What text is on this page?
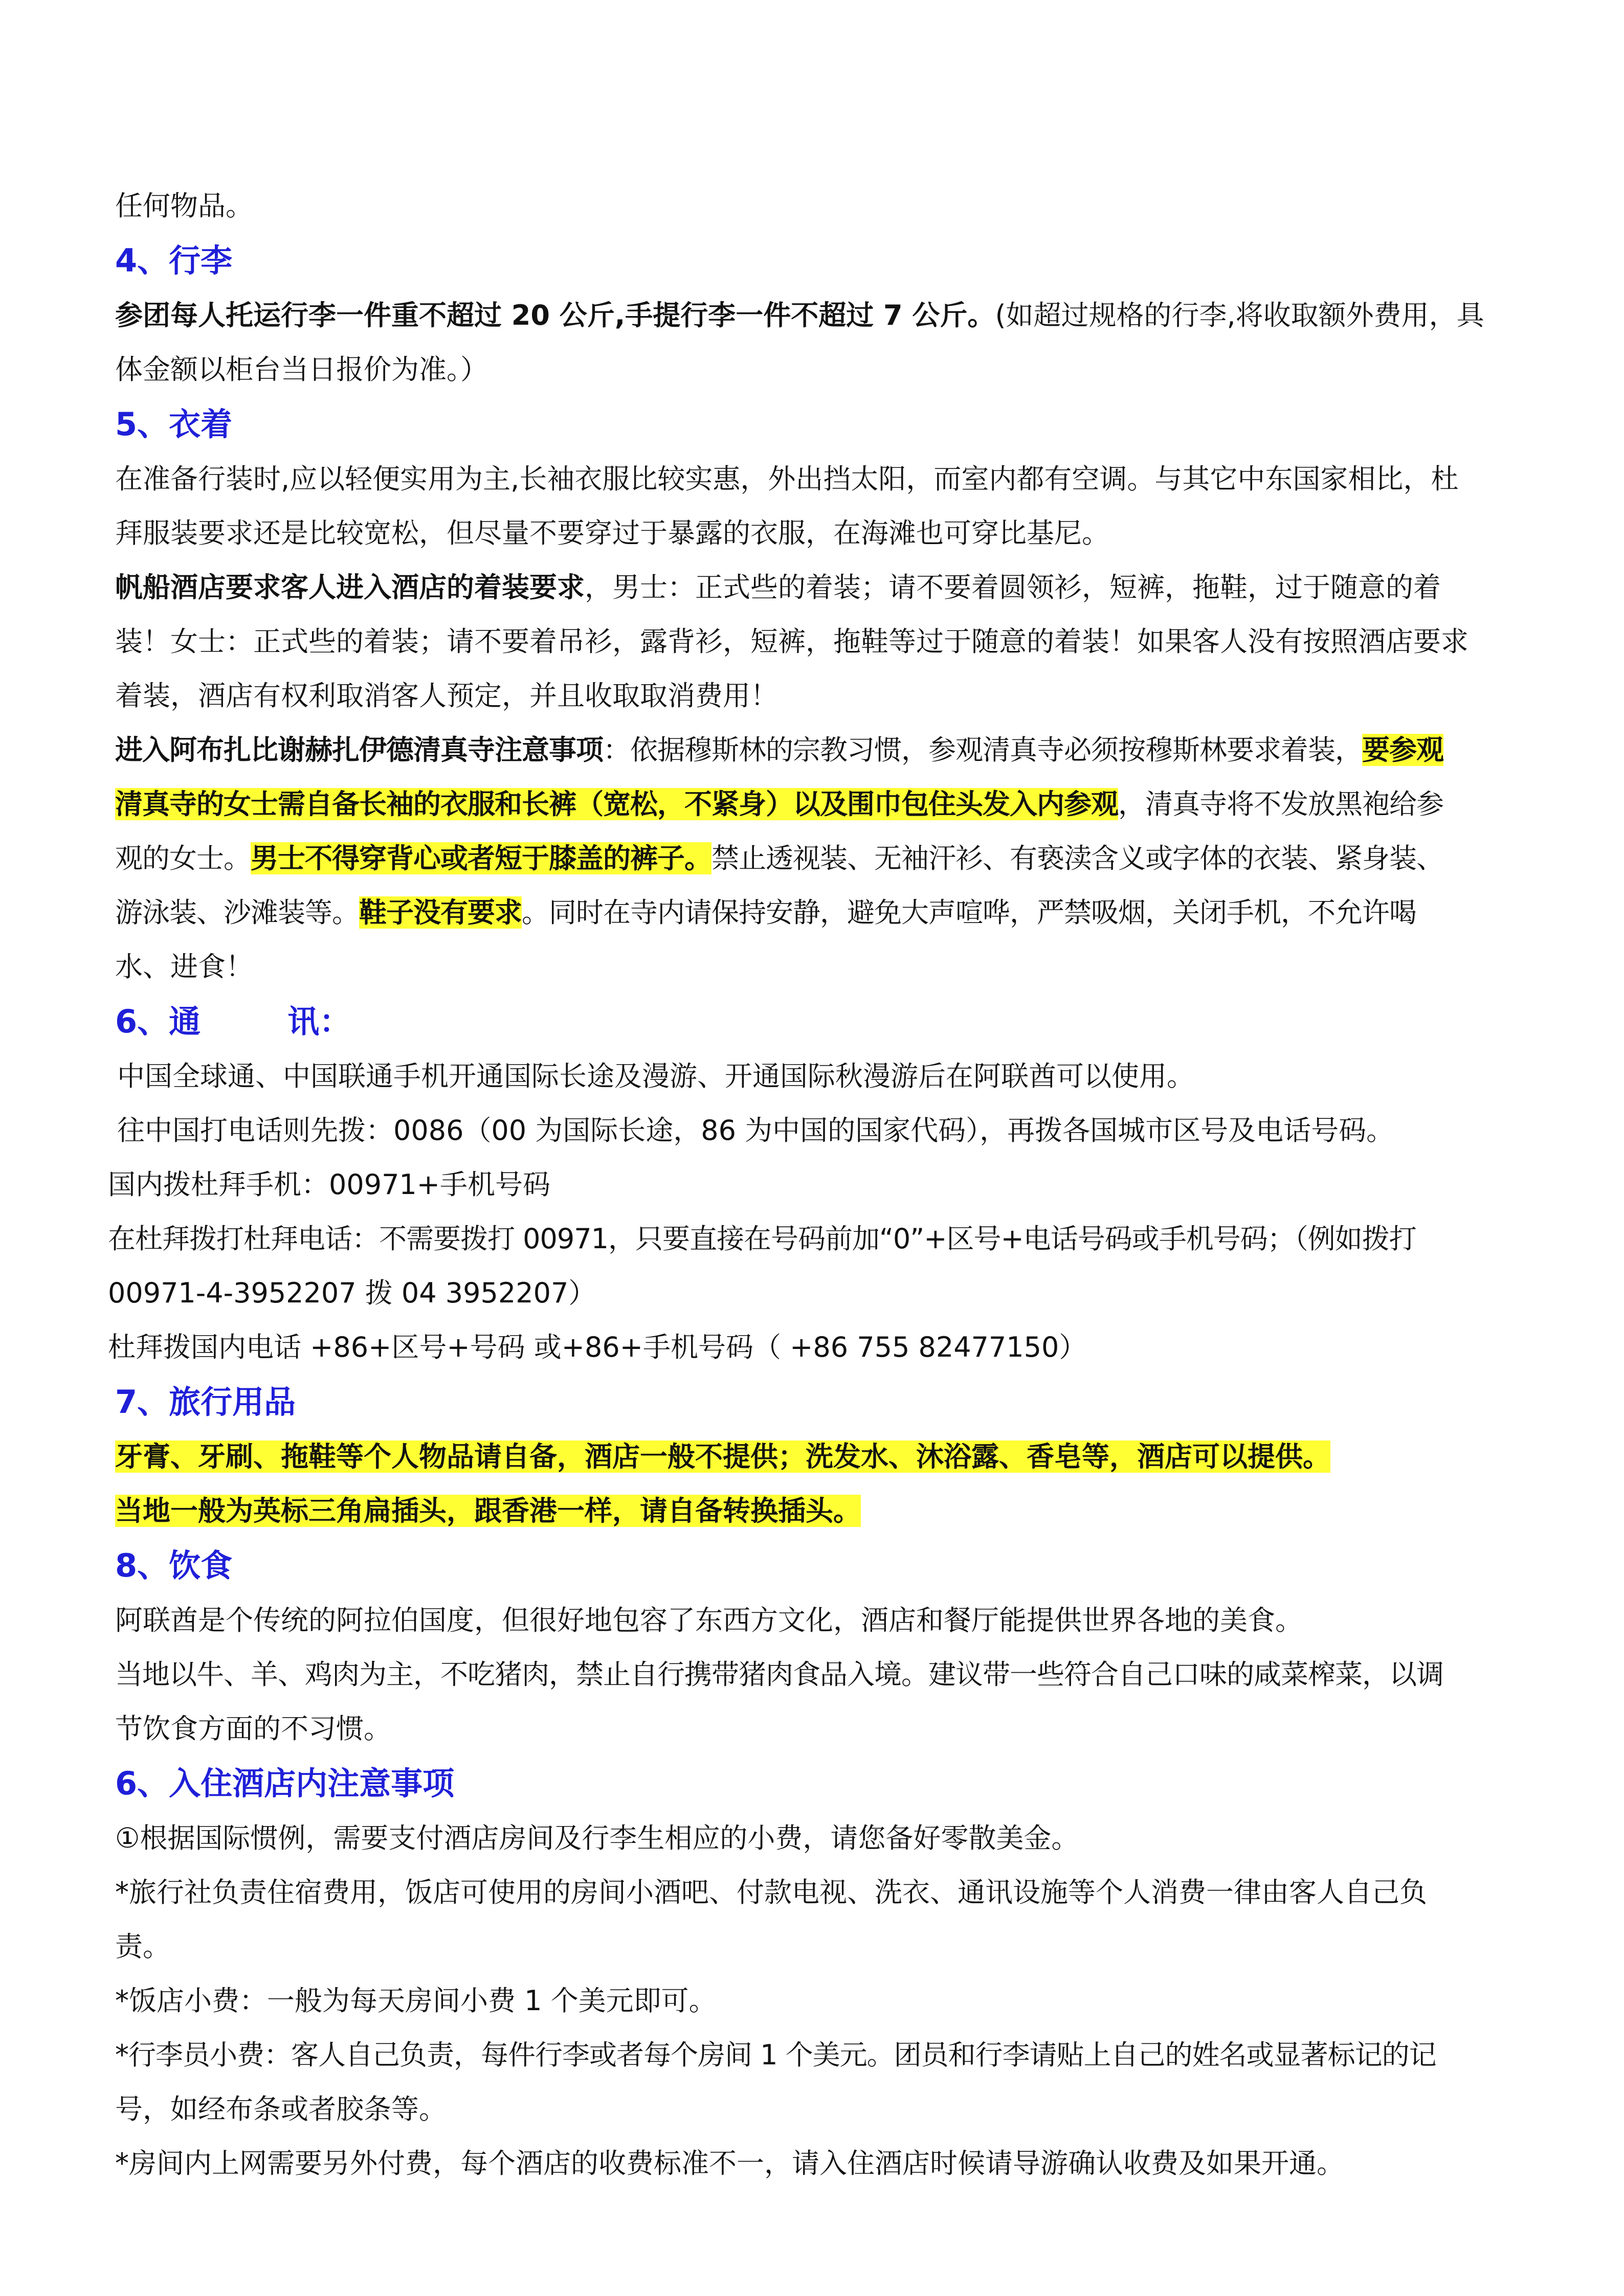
任何物品。
4、行李
参团每人托运行李一件重不超过 20 公斤,手提行李一件不超过 7 公斤。(如超过规格的行李,将收取额外费用，具
体金额以柜台当日报价为准。）
5、衣着
在准备行装时,应以轻便实用为主,长袖衣服比较实惠，外出挡太阳，而室内都有空调。与其它中东国家相比，杜
拜服装要求还是比较宽松，但尽量不要穿过于暴露的衣服，在海滩也可穿比基尼。
帆船酒店要求客人进入酒店的着装要求，男士：正式些的着装；请不要着圆领衫，短裤，拖鞋，过于随意的着
装！女士：正式些的着装；请不要着吊衫，露背衫，短裤，拖鞋等过于随意的着装！如果客人没有按照酒店要求
着装，酒店有权利取消客人预定，并且收取取消费用！
进入阿布扎比谢赫扎伊德清真寺注意事项：依据穆斯林的宗教习惯，参观清真寺必须按穆斯林要求着装，要参观
清真寺的女士需自备长袖的衣服和长裤（宽松，不紧身）以及围巾包住头发入内参观，清真寺将不发放黑袍给参
观的女士。男士不得穿背心或者短于膝盖的裤子。禁止透视装、无袖汗衫、有亵渎含义或字体的衣装、紧身装、
游泳装、沙滩装等。鞋子没有要求。同时在寺内请保持安静，避免大声喧哗，严禁吸烟，关闭手机，不允许喝
水、进食！
6、通	讯：
中国全球通、中国联通手机开通国际长途及漫游、开通国际秋漫游后在阿联酋可以使用。
往中国打电话则先拨：0086（00 为国际长途，86 为中国的国家代码），再拨各国城市区号及电话号码。
国内拨杜拜手机：00971+手机号码
在杜拜拨打杜拜电话：不需要拨打 00971，只要直接在号码前加“0”+区号+电话号码或手机号码；（例如拨打
00971-4-3952207 拨 04 3952207）
杜拜拨国内电话 +86+区号+号码 或+86+手机号码（ +86 755 82477150）
7、旅行用品
牙膏、牙刷、拖鞋等个人物品请自备，酒店一般不提供；洗发水、沐浴露、香皂等，酒店可以提供。
当地一般为英标三角扁插头，跟香港一样，请自备转换插头。
8、饮食
阿联酋是个传统的阿拉伯国度，但很好地包容了东西方文化，酒店和餐厅能提供世界各地的美食。
当地以牛、羊、鸡肉为主，不吃猪肉，禁止自行携带猪肉食品入境。建议带一些符合自己口味的咸菜榨菜，以调
节饮食方面的不习惯。
6、入住酒店内注意事项
①根据国际惯例，需要支付酒店房间及行李生相应的小费，请您备好零散美金。
*旅行社负责住宿费用，饭店可使用的房间小酒吧、付款电视、洗衣、通讯设施等个人消费一律由客人自己负
责。
*饭店小费：一般为每天房间小费 1 个美元即可。
*行李员小费：客人自己负责，每件行李或者每个房间 1 个美元。团员和行李请贴上自己的姓名或显著标记的记
号，如经布条或者胶条等。
*房间内上网需要另外付费，每个酒店的收费标准不一，请入住酒店时候请导游确认收费及如果开通。
